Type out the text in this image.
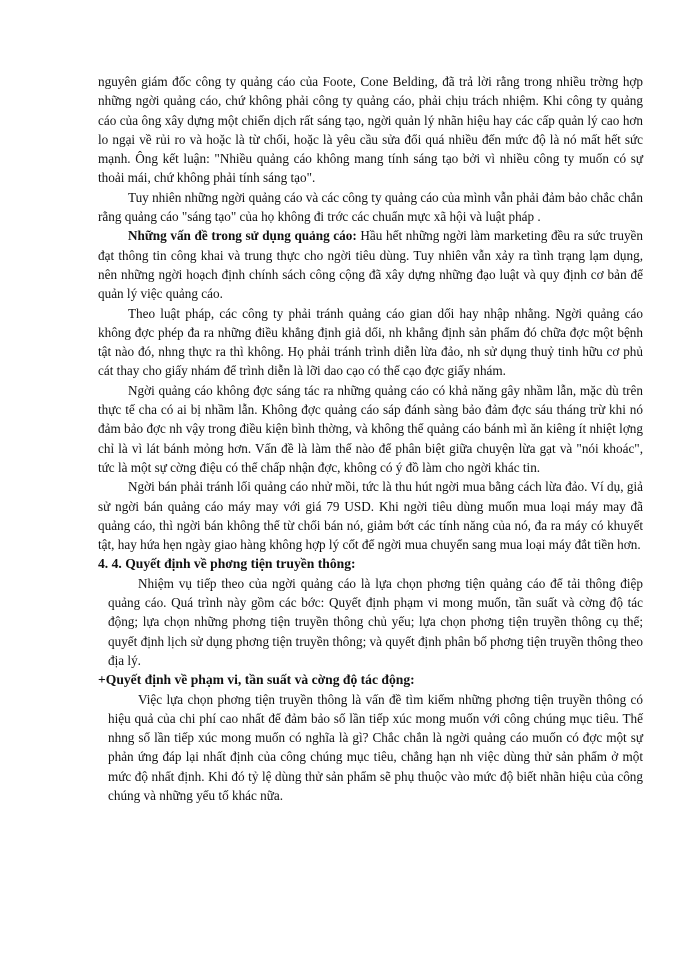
nguyên giám đốc công ty quảng cáo của Foote, Cone Belding, đã trả lời rằng trong nhiều trờng hợp những ngời quảng cáo, chứ không phải công ty quảng cáo, phải chịu trách nhiệm. Khi công ty quảng cáo của ông xây dựng một chiến dịch rất sáng tạo, ngời quản lý nhãn hiệu hay các cấp quản lý cao hơn lo ngại về rủi ro và hoặc là từ chối, hoặc là yêu cầu sửa đổi quá nhiều đến mức độ là nó mất hết sức mạnh. Ông kết luận: "Nhiều quảng cáo không mang tính sáng tạo bởi vì nhiều công ty muốn có sự thoải mái, chứ không phải tính sáng tạo".

Tuy nhiên những ngời quảng cáo và các công ty quảng cáo của mình vẫn phải đảm bảo chắc chắn rằng quảng cáo "sáng tạo" của họ không đi trớc các chuẩn mực xã hội và luật pháp .

Những vấn đề trong sử dụng quảng cáo: Hầu hết những ngời làm marketing đều ra sức truyền đạt thông tin công khai và trung thực cho ngời tiêu dùng. Tuy nhiên vẫn xảy ra tình trạng lạm dụng, nên những ngời hoạch định chính sách công cộng đã xây dựng những đạo luật và quy định cơ bản để quản lý việc quảng cáo.

Theo luật pháp, các công ty phải tránh quảng cáo gian dối hay nhập nhằng. Ngời quảng cáo không đợc phép đa ra những điều khẳng định giả dối, nh khẳng định sản phẩm đó chữa đợc một bệnh tật nào đó, nhng thực ra thì không. Họ phải tránh trình diễn lừa đảo, nh sử dụng thuỷ tinh hữu cơ phủ cát thay cho giấy nhám để trình diễn là lỡi dao cạo có thể cạo đợc giấy nhám.

Ngời quảng cáo không đợc sáng tác ra những quảng cáo có khả năng gây nhầm lẫn, mặc dù trên thực tế cha có ai bị nhầm lẫn. Không đợc quảng cáo sáp đánh sàng bảo đảm đợc sáu tháng trừ khi nó đảm bảo đợc nh vậy trong điều kiện bình thờng, và không thể quảng cáo bánh mì ăn kiêng ít nhiệt lợng chỉ là vì lát bánh mỏng hơn. Vấn đề là làm thế nào để phân biệt giữa chuyện lừa gạt và "nói khoác", tức là một sự cờng điệu có thể chấp nhận đợc, không có ý đồ làm cho ngời khác tin.

Ngời bán phải tránh lối quảng cáo nhử mồi, tức là thu hút ngời mua bằng cách lừa đảo. Ví dụ, giả sử ngời bán quảng cáo máy may với giá 79 USD. Khi ngời tiêu dùng muốn mua loại máy may đã quảng cáo, thì ngời bán không thể từ chối bán nó, giảm bớt các tính năng của nó, đa ra máy có khuyết tật, hay hứa hẹn ngày giao hàng không hợp lý cốt để ngời mua chuyển sang mua loại máy đắt tiền hơn.

4. 4. Quyết định về phơng tiện truyền thông:

Nhiệm vụ tiếp theo của ngời quảng cáo là lựa chọn phơng tiện quảng cáo để tải thông điệp quảng cáo. Quá trình này gồm các bớc: Quyết định phạm vi mong muốn, tần suất và cờng độ tác động; lựa chọn những phơng tiện truyền thông chủ yếu; lựa chọn phơng tiện truyền thông cụ thể; quyết định lịch sử dụng phơng tiện truyền thông; và quyết định phân bố phơng tiện truyền thông theo địa lý.

+Quyết định về phạm vi, tần suất và cờng độ tác động:

Việc lựa chọn phơng tiện truyền thông là vấn đề tìm kiếm những phơng tiện truyền thông có hiệu quả của chi phí cao nhất để đảm bảo số lần tiếp xúc mong muốn với công chúng mục tiêu. Thế nhng số lần tiếp xúc mong muốn có nghĩa là gì? Chắc chắn là ngời quảng cáo muốn có đợc một sự phản ứng đáp lại nhất định của công chúng mục tiêu, chẳng hạn nh việc dùng thử sản phẩm ở một mức độ nhất định. Khi đó tỷ lệ dùng thử sản phẩm sẽ phụ thuộc vào mức độ biết nhãn hiệu của công chúng và những yếu tố khác nữa.
